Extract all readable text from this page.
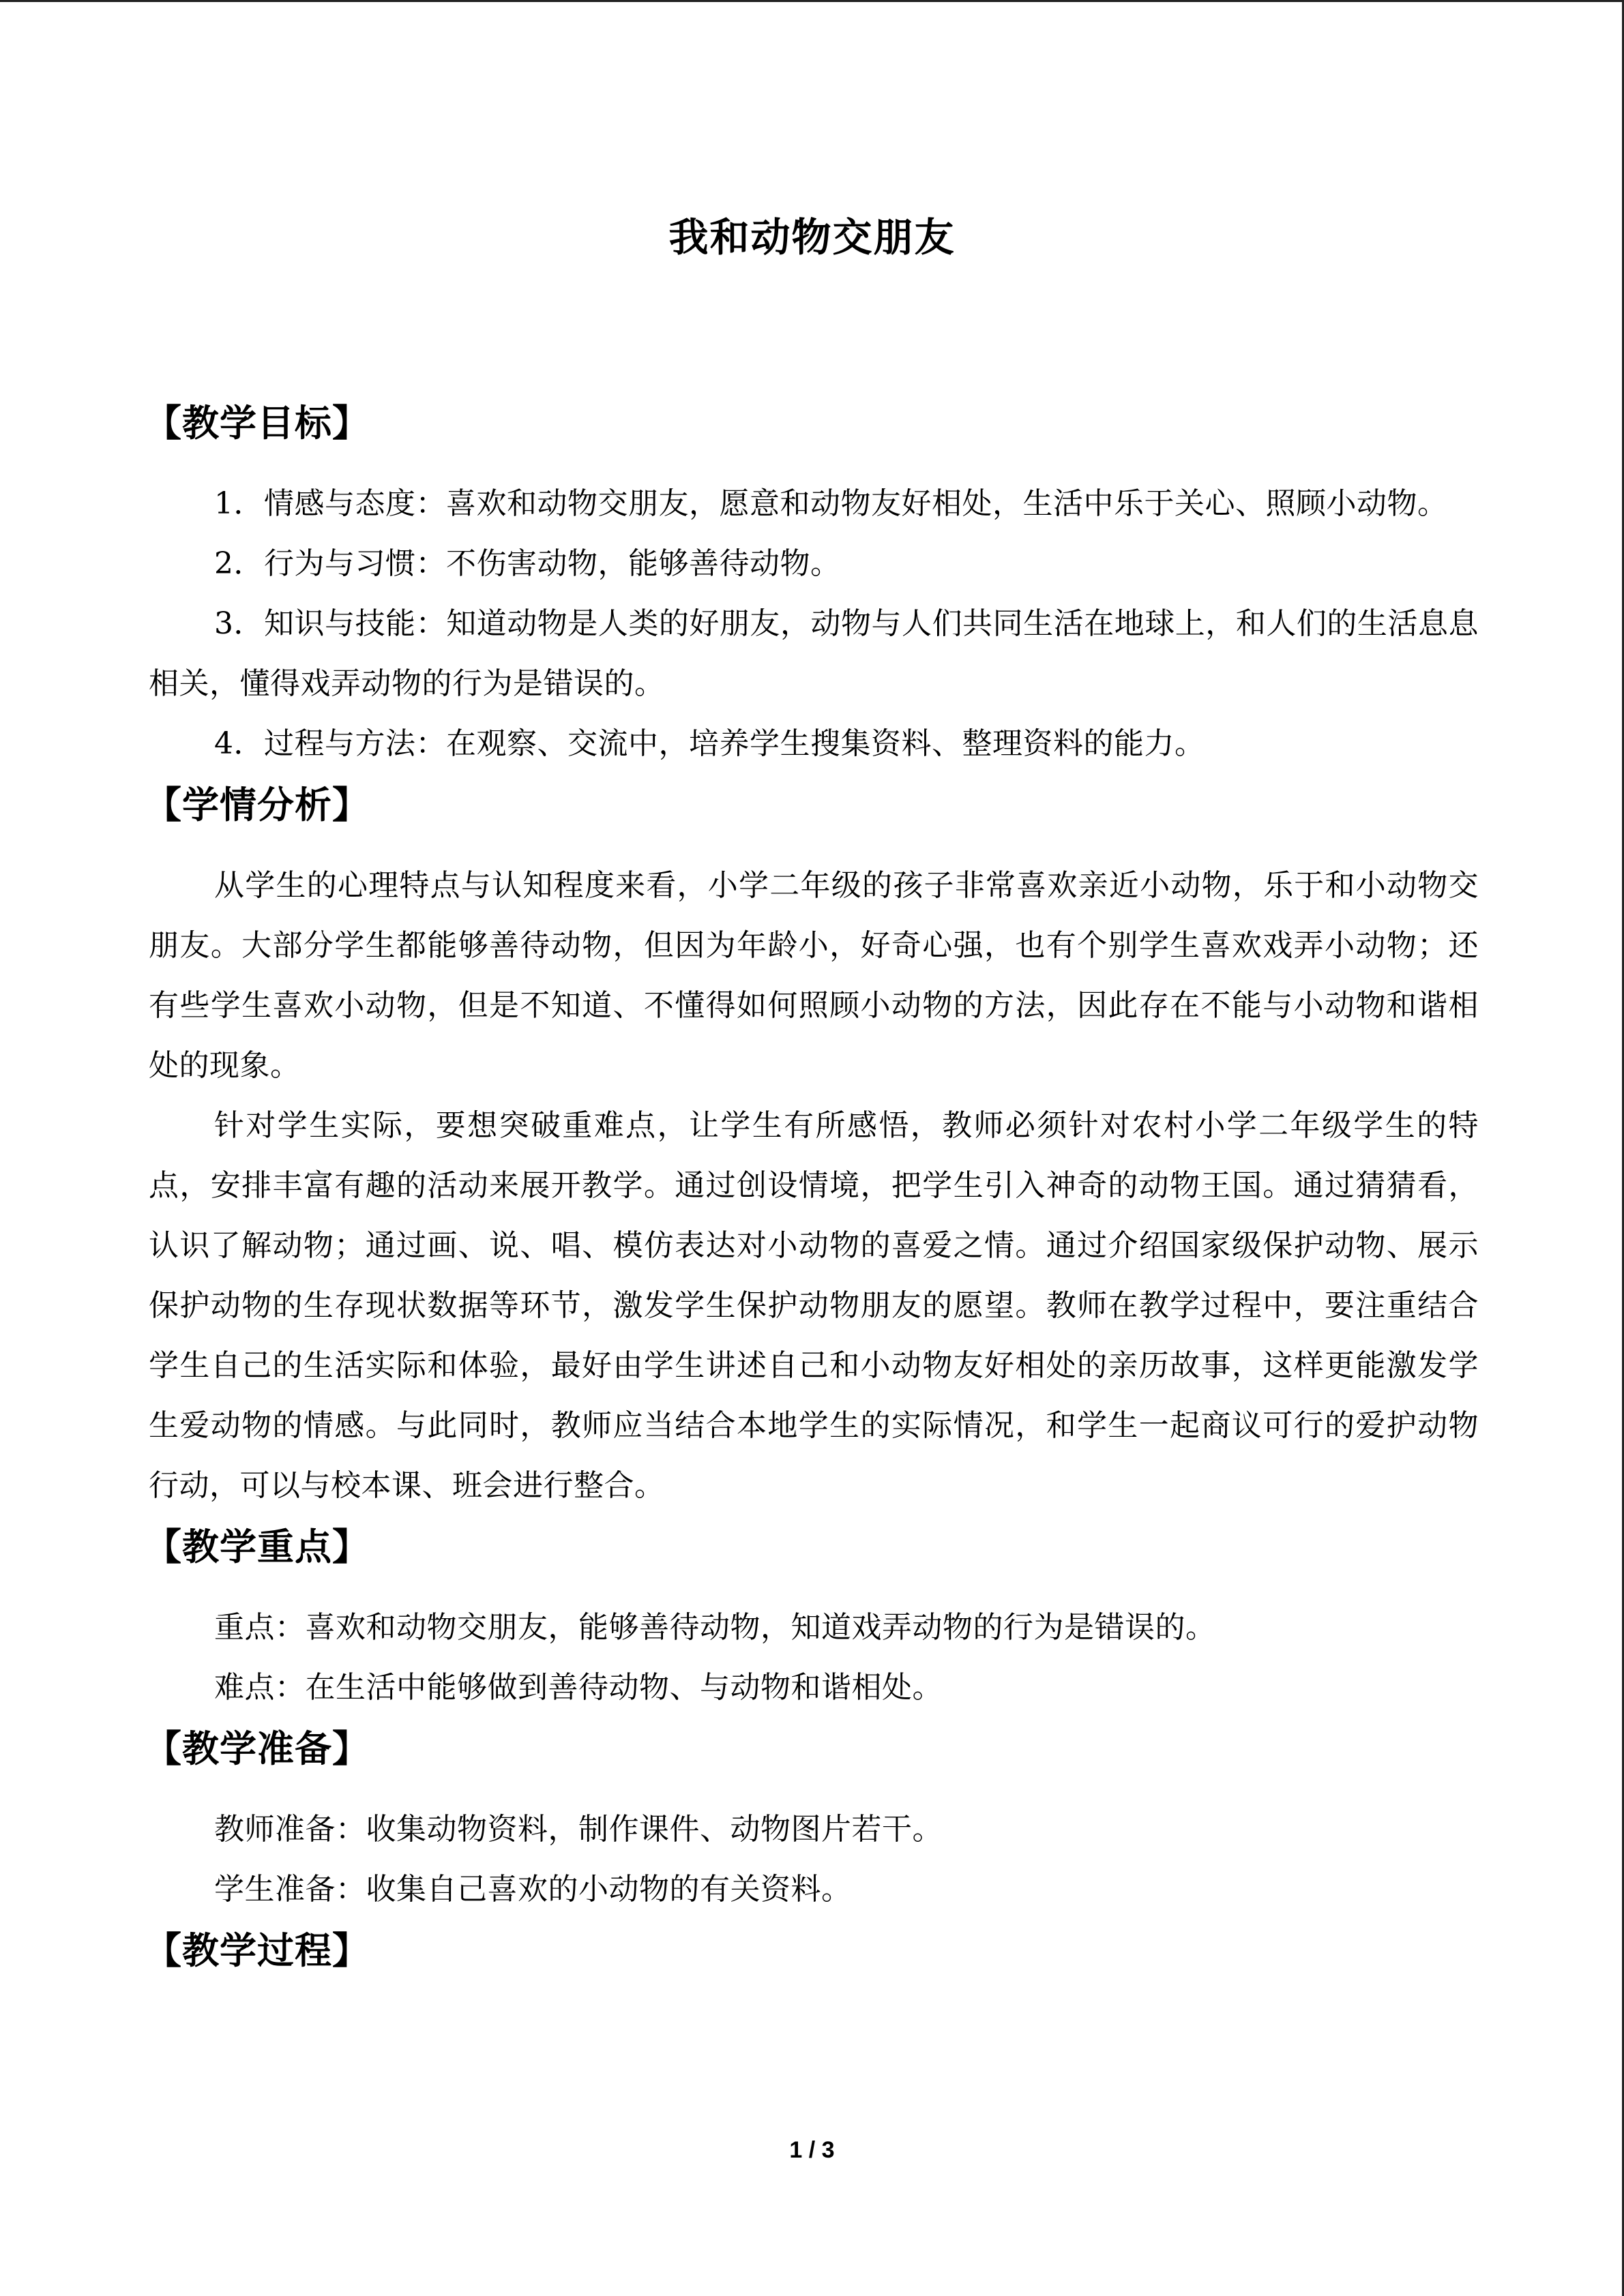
我和动物交朋友
【教学目标】

1．情感与态度：喜欢和动物交朋友，愿意和动物友好相处，生活中乐于关心、照顾小动物。

2．行为与习惯：不伤害动物，能够善待动物。

3．知识与技能：知道动物是人类的好朋友，动物与人们共同生活在地球上，和人们的生活息息相关，懂得戏弄动物的行为是错误的。

4．过程与方法：在观察、交流中，培养学生搜集资料、整理资料的能力。

【学情分析】

从学生的心理特点与认知程度来看，小学二年级的孩子非常喜欢亲近小动物，乐于和小动物交朋友。大部分学生都能够善待动物，但因为年龄小，好奇心强，也有个别学生喜欢戏弄小动物；还有些学生喜欢小动物，但是不知道、不懂得如何照顾小动物的方法，因此存在不能与小动物和谐相处的现象。

针对学生实际，要想突破重难点，让学生有所感悟，教师必须针对农村小学二年级学生的特点，安排丰富有趣的活动来展开教学。通过创设情境，把学生引入神奇的动物王国。通过猜猜看，认识了解动物；通过画、说、唱、模仿表达对小动物的喜爱之情。通过介绍国家级保护动物、展示保护动物的生存现状数据等环节，激发学生保护动物朋友的愿望。教师在教学过程中，要注重结合学生自己的生活实际和体验，最好由学生讲述自己和小动物友好相处的亲历故事，这样更能激发学生爱动物的情感。与此同时，教师应当结合本地学生的实际情况，和学生一起商议可行的爱护动物行动，可以与校本课、班会进行整合。

【教学重点】

重点：喜欢和动物交朋友，能够善待动物，知道戏弄动物的行为是错误的。

难点：在生活中能够做到善待动物、与动物和谐相处。

【教学准备】

教师准备：收集动物资料，制作课件、动物图片若干。

学生准备：收集自己喜欢的小动物的有关资料。

【教学过程】
1 / 3
